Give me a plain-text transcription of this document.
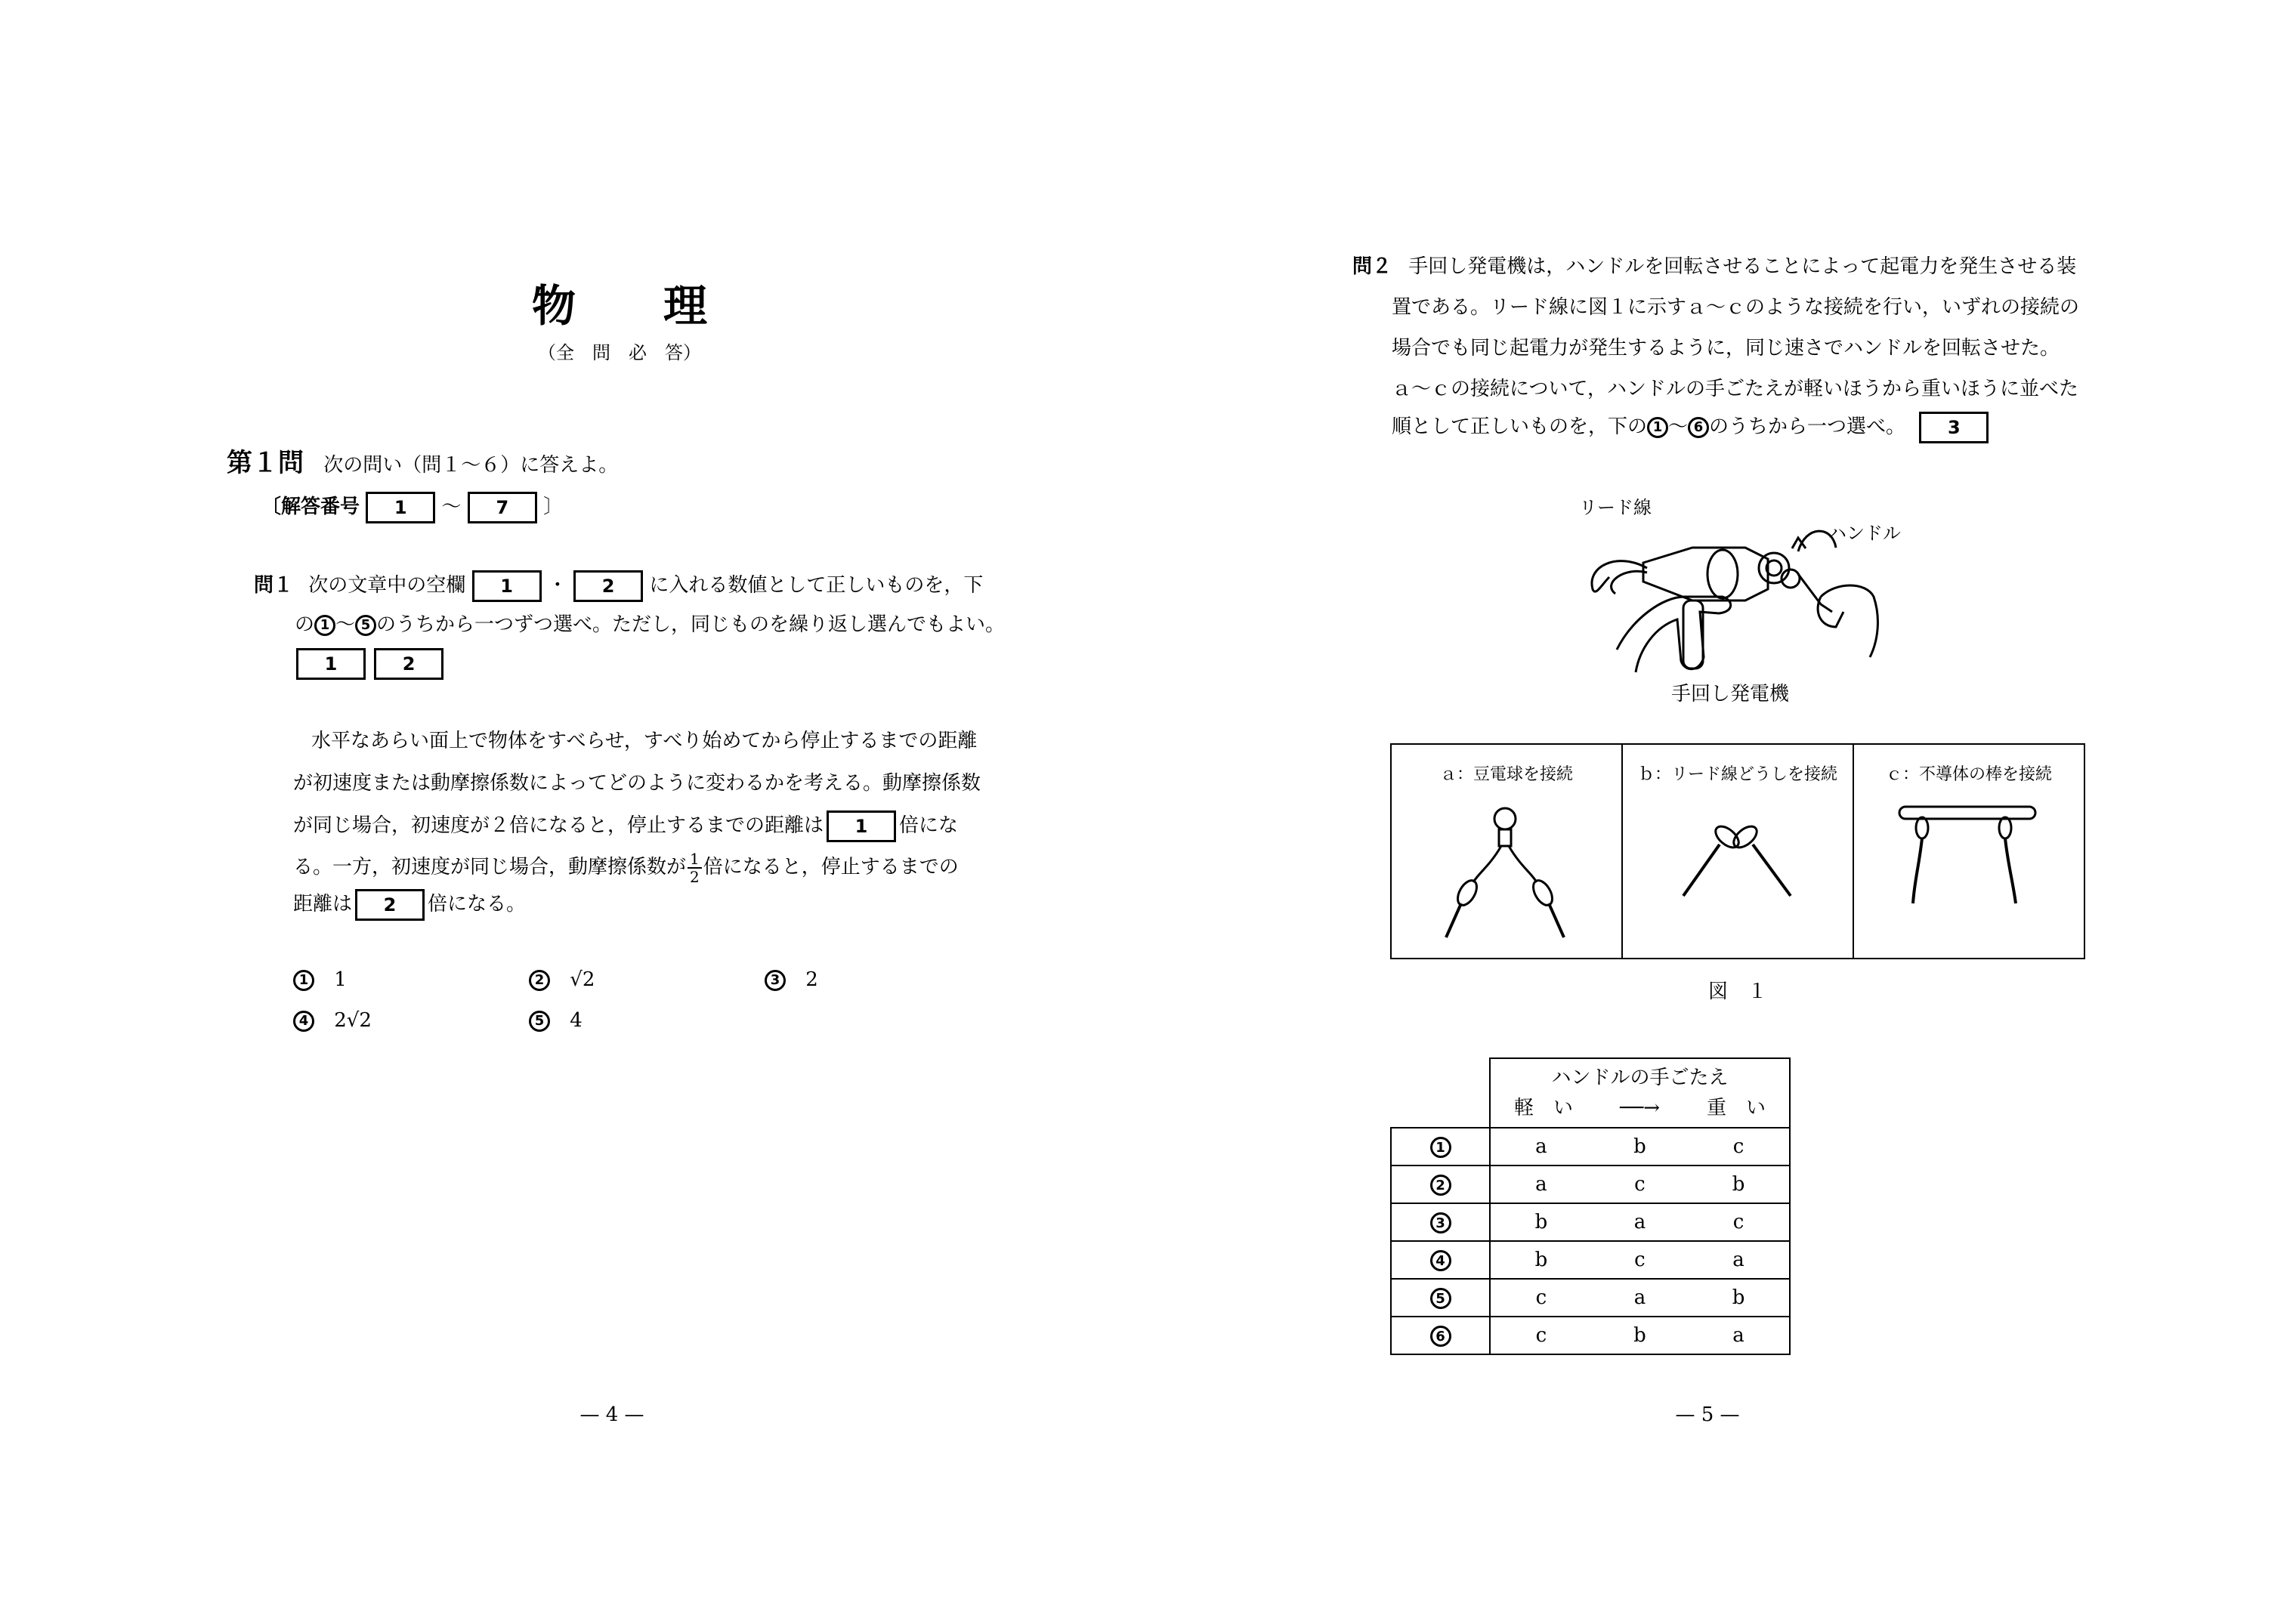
物　　理
（全　問　必　答）
第１問 次の問い（問１～６）に答えよ。
〔解答番号 1 ～ 7 〕
問１ 次の文章中の空欄 1 ・ 2 に入れる数値として正しいものを，下
の 1 ～ 5 のうちから一つずつ選べ。ただし，同じものを繰り返し選んでもよい。
1	2
水平なあらい面上で物体をすべらせ，すべり始めてから停止するまでの距離
が初速度または動摩擦係数によってどのように変わるかを考える。動摩擦係数
が同じ場合，初速度が２倍になると，停止するまでの距離は 1 倍にな
る。一方，初速度が同じ場合，動摩擦係数が $\frac{1}{2}$ 倍になると，停止するまでの
距離は 2 倍になる。
1 1	2 √2	3 2
4 2√2	5 4
— 4 —
問２ 手回し発電機は，ハンドルを回転させることによって起電力を発生させる装
置である。リード線に図１に示すａ～ｃのような接続を行い，いずれの接続の
場合でも同じ起電力が発生するように，同じ速さでハンドルを回転させた。
ａ～ｃの接続について，ハンドルの手ごたえが軽いほうから重いほうに並べた
順として正しいものを，下の 1 ～ 6 のうちから一つ選べ。 3
リード線
ハンドル
手回し発電機
ａ：豆電球を接続	ｂ：リード線どうしを接続	ｃ：不導体の棒を接続
図　１

	ハンドルの手ごたえ
軽　い ──→ 重　い		

1	a	b	c
2	a	c	b
3	b	a	c
4	b	c	a
5	c	a	b
6	c	b	a
— 5 —
